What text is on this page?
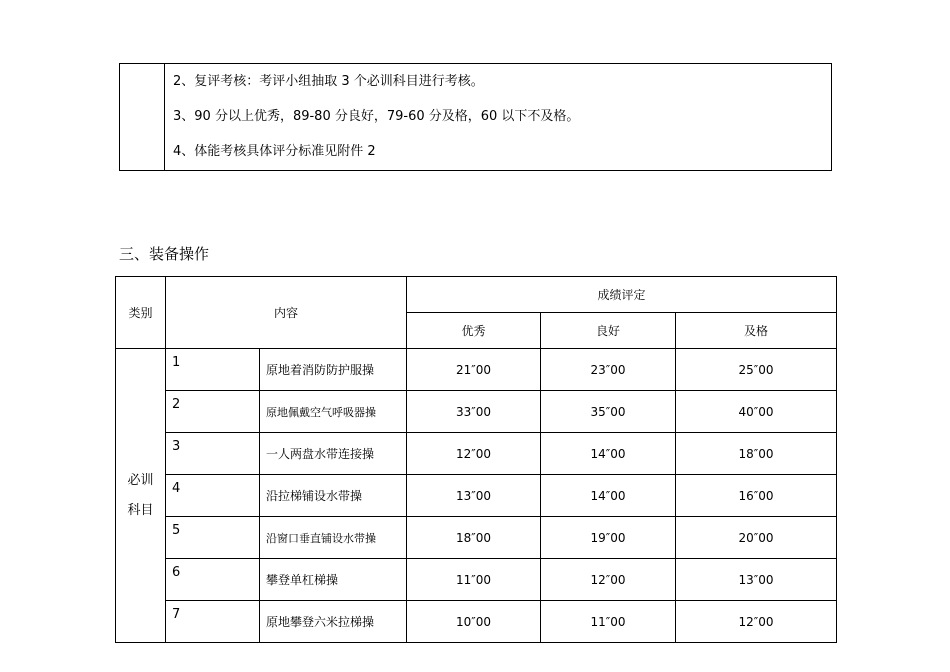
2、复评考核：考评小组抽取 3 个必训科目进行考核。
3、90 分以上优秀，89-80 分良好，79-60 分及格，60 以下不及格。
4、体能考核具体评分标准见附件 2
三、装备操作
类别	内容		成绩评定		
			优秀	良好	及格

必训
科目	1	原地着消防防护服操	21″00	23″00	25″00
	2	原地佩戴空气呼吸器操	33″00	35″00	40″00
	3	一人两盘水带连接操	12″00	14″00	18″00
	4	沿拉梯铺设水带操	13″00	14″00	16″00
	5	沿窗口垂直铺设水带操	18″00	19″00	20″00
	6	攀登单杠梯操	11″00	12″00	13″00
	7	原地攀登六米拉梯操	10″00	11″00	12″00
